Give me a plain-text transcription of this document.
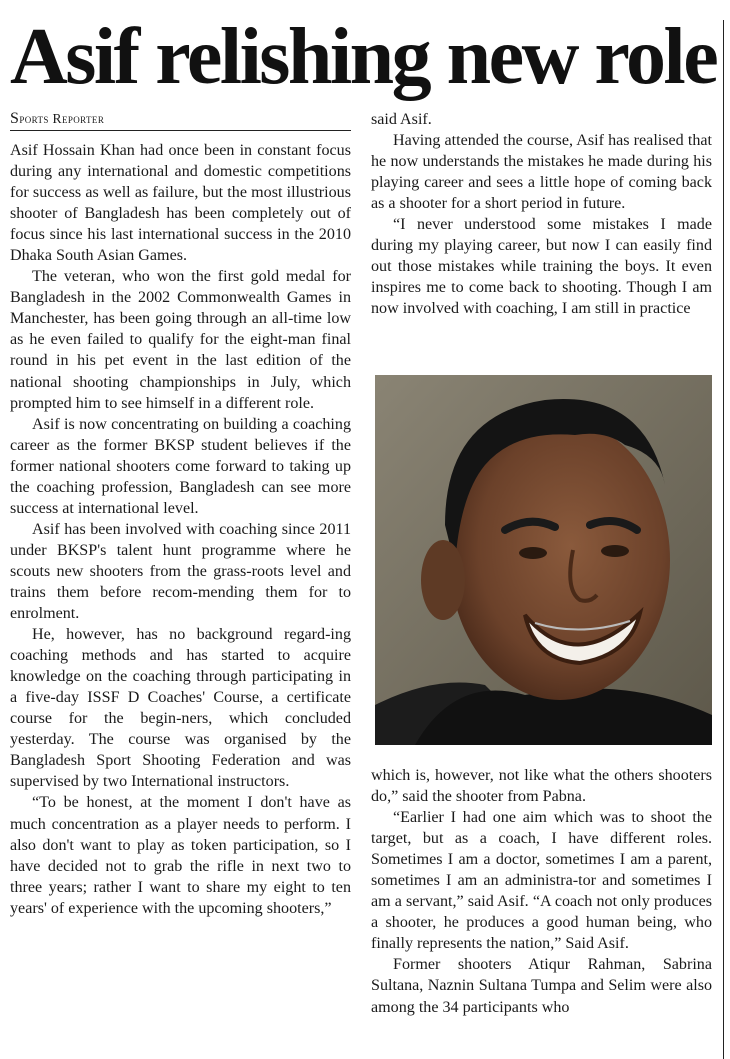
Asif relishing new role
Sports Reporter

Asif Hossain Khan had once been in constant focus during any international and domestic competitions for success as well as failure, but the most illustrious shooter of Bangladesh has been completely out of focus since his last international success in the 2010 Dhaka South Asian Games.

The veteran, who won the first gold medal for Bangladesh in the 2002 Commonwealth Games in Manchester, has been going through an all-time low as he even failed to qualify for the eight-man final round in his pet event in the last edition of the national shooting championships in July, which prompted him to see himself in a different role.

Asif is now concentrating on building a coaching career as the former BKSP student believes if the former national shooters come forward to taking up the coaching profession, Bangladesh can see more success at international level.

Asif has been involved with coaching since 2011 under BKSP's talent hunt programme where he scouts new shooters from the grass-roots level and trains them before recom-mending them for to enrolment.

He, however, has no background regard-ing coaching methods and has started to acquire knowledge on the coaching through participating in a five-day ISSF D Coaches' Course, a certificate course for the begin-ners, which concluded yesterday. The course was organised by the Bangladesh Sport Shooting Federation and was supervised by two International instructors.

“To be honest, at the moment I don't have as much concentration as a player needs to perform. I also don't want to play as token participation, so I have decided not to grab the rifle in next two to three years; rather I want to share my eight to ten years' of experience with the upcoming shooters,”

said Asif.

Having attended the course, Asif has realised that he now understands the mistakes he made during his playing career and sees a little hope of coming back as a shooter for a short period in future.

“I never understood some mistakes I made during my playing career, but now I can easily find out those mistakes while training the boys. It even inspires me to come back to shooting. Though I am now involved with coaching, I am still in practice

which is, however, not like what the others shooters do,” said the shooter from Pabna.

“Earlier I had one aim which was to shoot the target, but as a coach, I have different roles. Sometimes I am a doctor, sometimes I am a parent, sometimes I am an administra-tor and sometimes I am a servant,” said Asif. “A coach not only produces a shooter, he produces a good human being, who finally represents the nation,” Said Asif.

Former shooters Atiqur Rahman, Sabrina Sultana, Naznin Sultana Tumpa and Selim were also among the 34 participants who
